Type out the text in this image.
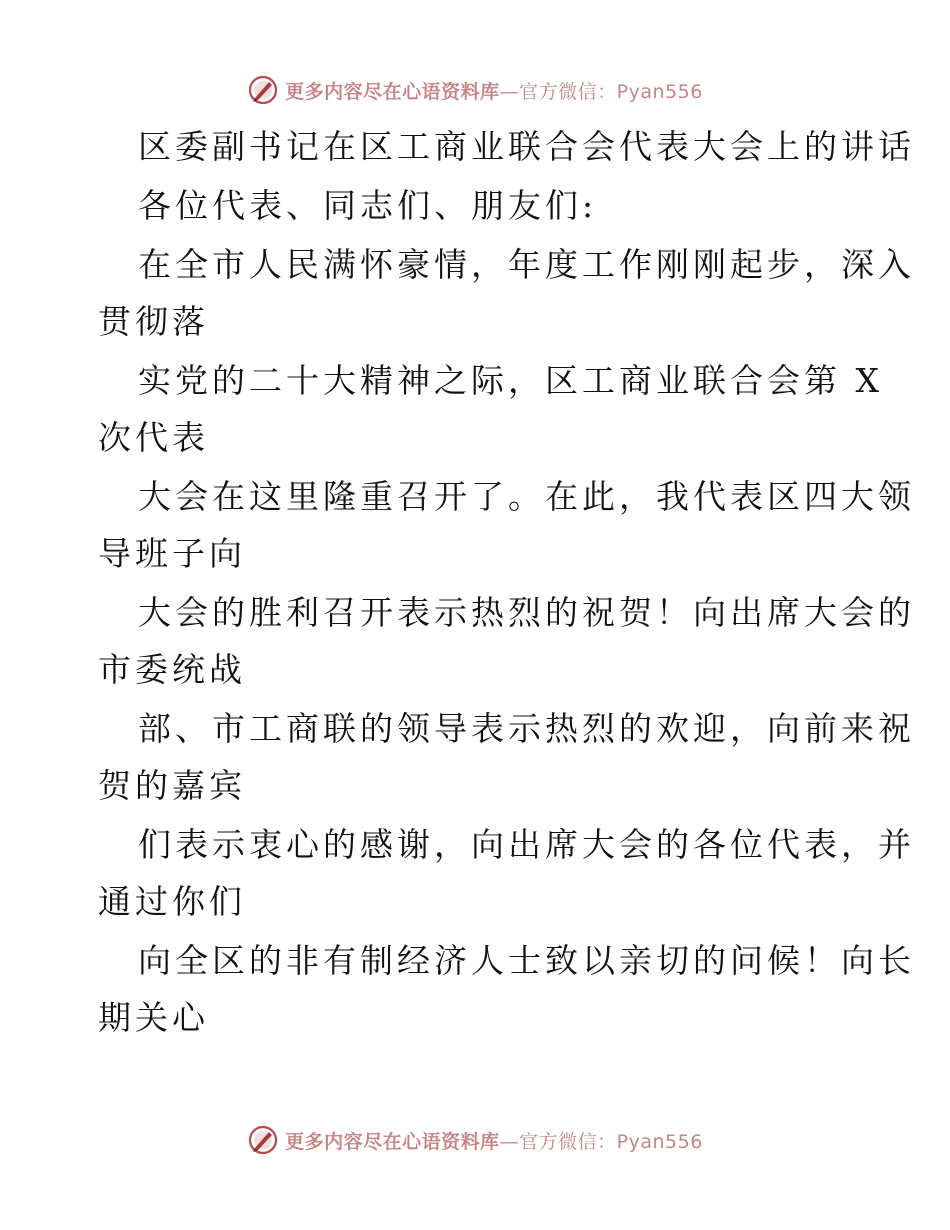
更多内容尽在心语资料库—官方微信：Pyan556
区委副书记在区工商业联合会代表大会上的讲话
各位代表、同志们、朋友们:
在全市人民满怀豪情，年度工作刚刚起步，深入
贯彻落
实党的二十大精神之际，区工商业联合会第 X
次代表
大会在这里隆重召开了。在此，我代表区四大领
导班子向
大会的胜利召开表示热烈的祝贺！向出席大会的
市委统战
部、市工商联的领导表示热烈的欢迎，向前来祝
贺的嘉宾
们表示衷心的感谢，向出席大会的各位代表，并
通过你们
向全区的非有制经济人士致以亲切的问候！向长
期关心
更多内容尽在心语资料库—官方微信：Pyan556
